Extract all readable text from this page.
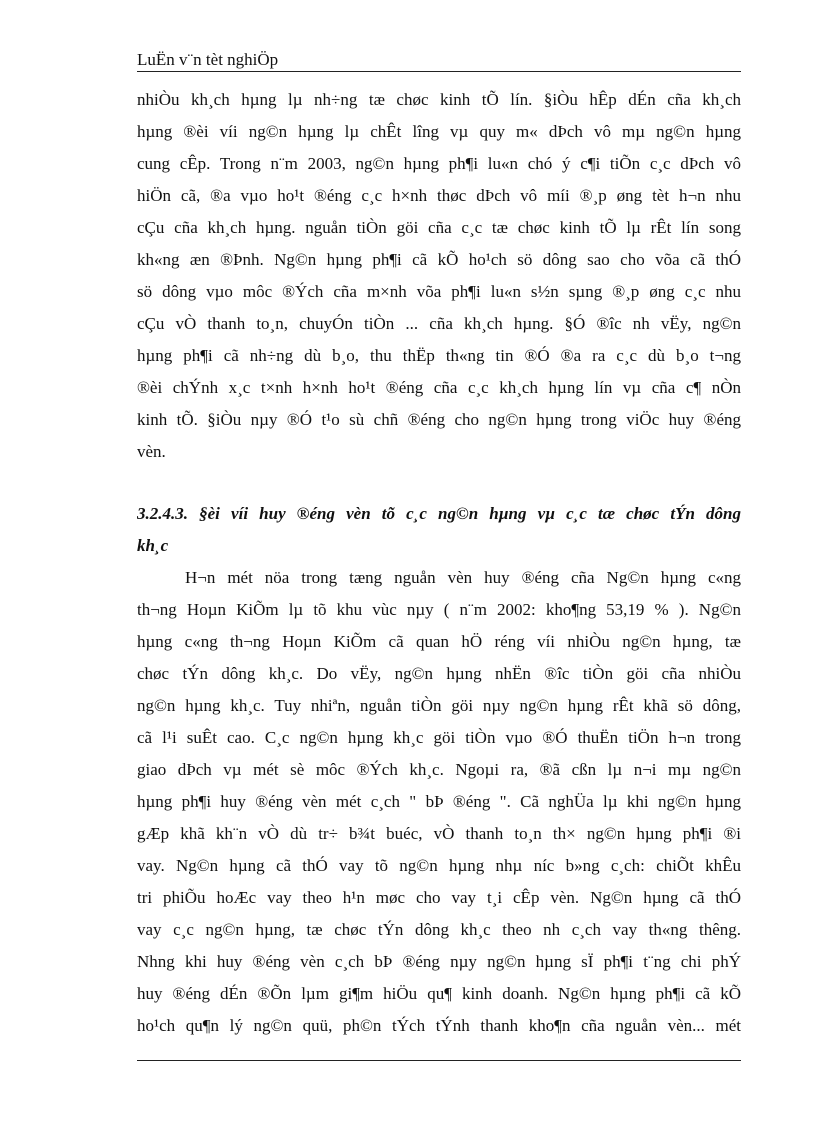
LuËn v¨n tèt nghiÖp
nhiÒu kh¸ch hµng lµ nh÷ng tæ chøc kinh tÕ lín. §iÒu hÊp dÉn cña kh¸ch
hµng ®èi víi ng©n hµng lµ chÊt lîng vµ quy m« dÞch vô mµ ng©n hµng
cung cÊp. Trong n¨m 2003, ng©n hµng ph¶i lu«n chó ý c¶i tiÕn c¸c dÞch vô
hiÖn cã, ®a vµo ho¹t ®éng c¸c h×nh thøc dÞch vô míi ®¸p øng tèt h¬n nhu
cÇu cña kh¸ch hµng. nguån tiÒn göi cña c¸c tæ chøc kinh tÕ lµ rÊt lín song
kh«ng æn ®Þnh. Ng©n hµng ph¶i cã kÕ ho¹ch sö dông sao cho võa cã thÓ
sö dông vµo môc ®Ých cña m×nh võa ph¶i lu«n s½n sµng ®¸p øng c¸c nhu
cÇu vÒ thanh to¸n, chuyÓn tiÒn ... cña kh¸ch hµng. §Ó ®îc nh vËy, ng©n
hµng ph¶i cã nh÷ng dù b¸o, thu thËp th«ng tin ®Ó ®a ra c¸c dù b¸o t¬ng
®èi chÝnh x¸c t×nh h×nh ho¹t ®éng cña c¸c kh¸ch hµng lín vµ cña c¶ nÒn
kinh tÕ. §iÒu nµy ®Ó t¹o sù chñ ®éng cho ng©n hµng trong viÖc huy ®éng
vèn.
3.2.4.3. §èi víi huy ®éng vèn tõ c¸c ng©n hµng vµ c¸c tæ chøc tÝn dông
kh¸c
H¬n mét nöa trong tæng nguån vèn huy ®éng cña Ng©n hµng c«ng
th¬ng Hoµn KiÕm lµ tõ khu vùc nµy ( n¨m 2002: kho¶ng 53,19 % ). Ng©n
hµng c«ng th¬ng Hoµn KiÕm cã quan hÖ réng víi nhiÒu ng©n hµng, tæ
chøc tÝn dông kh¸c. Do vËy, ng©n hµng nhËn ®îc tiÒn göi cña nhiÒu
ng©n hµng kh¸c. Tuy nhiªn, nguån tiÒn göi nµy ng©n hµng rÊt khã sö dông,
cã l¹i suÊt cao. C¸c ng©n hµng kh¸c göi tiÒn vµo ®Ó thuËn tiÖn h¬n trong
giao dÞch vµ mét sè môc ®Ých kh¸c. Ngoµi ra, ®ã cßn lµ n¬i mµ ng©n
hµng ph¶i huy ®éng vèn mét c¸ch " bÞ ®éng ". Cã nghÜa lµ khi ng©n hµng
gÆp khã kh¨n vÒ dù tr÷ b¾t buéc, vÒ thanh to¸n th× ng©n hµng ph¶i ®i
vay. Ng©n hµng cã thÓ vay tõ ng©n hµng nhµ níc b»ng c¸ch: chiÕt khÊu
tri phiÕu hoÆc vay theo h¹n møc cho vay t¸i cÊp vèn. Ng©n hµng cã thÓ
vay c¸c ng©n hµng, tæ chøc tÝn dông kh¸c theo nh c¸ch vay th«ng thêng.
Nhng khi huy ®éng vèn c¸ch bÞ ®éng nµy ng©n hµng sÏ ph¶i t¨ng chi phÝ
huy ®éng dÉn ®Õn lµm gi¶m hiÖu qu¶ kinh doanh. Ng©n hµng ph¶i cã kÕ
ho¹ch qu¶n lý ng©n quü, ph©n tÝch tÝnh thanh kho¶n cña nguån vèn... mét
